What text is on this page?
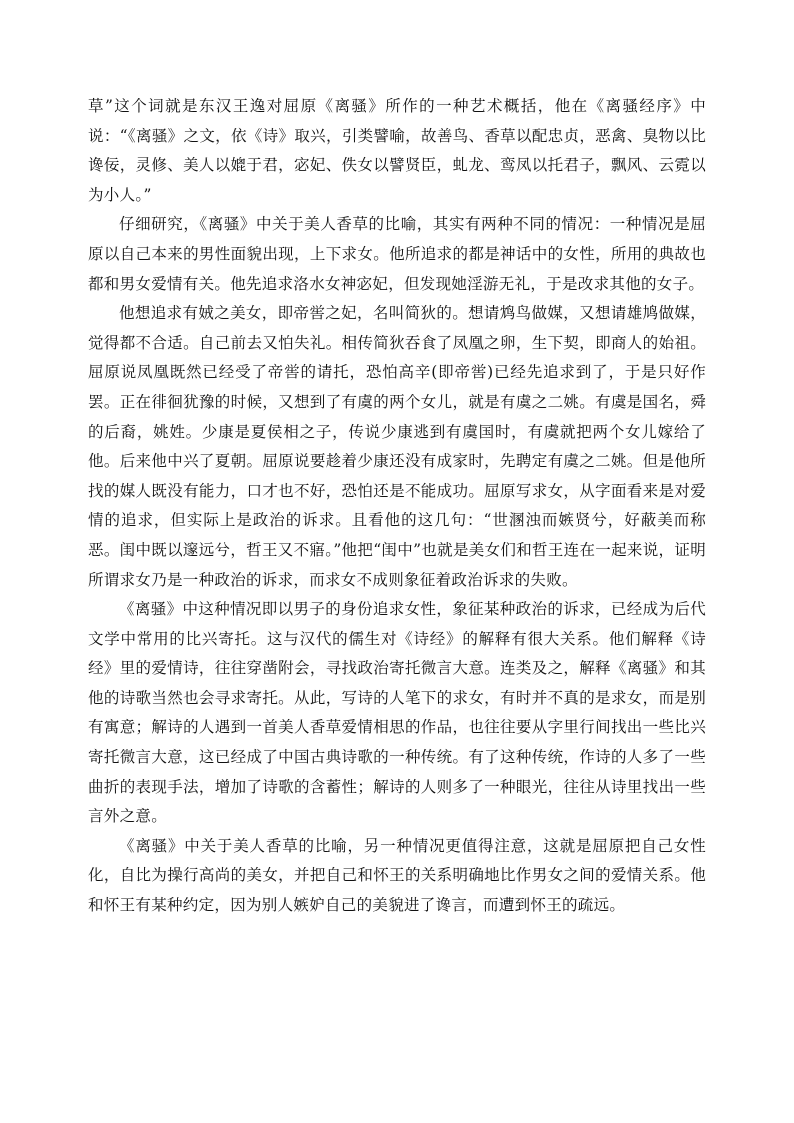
草”这个词就是东汉王逸对屈原《离骚》所作的一种艺术概括，他在《离骚经序》中说：“《离骚》之文，依《诗》取兴，引类譬喻，故善鸟、香草以配忠贞，恶禽、臭物以比谗佞，灵修、美人以媲于君，宓妃、佚女以譬贤臣，虬龙、鸾凤以托君子，飘风、云霓以为小人。”

仔细研究，《离骚》中关于美人香草的比喻，其实有两种不同的情况：一种情况是屈原以自己本来的男性面貌出现，上下求女。他所追求的都是神话中的女性，所用的典故也都和男女爱情有关。他先追求洛水女神宓妃，但发现她淫游无礼，于是改求其他的女子。

他想追求有娀之美女，即帝喾之妃，名叫简狄的。想请鸩鸟做媒，又想请雄鸠做媒，觉得都不合适。自己前去又怕失礼。相传简狄吞食了凤凰之卵，生下契，即商人的始祖。屈原说凤凰既然已经受了帝喾的请托，恐怕高辛(即帝喾)已经先追求到了，于是只好作罢。正在徘徊犹豫的时候，又想到了有虞的两个女儿，就是有虞之二姚。有虞是国名，舜的后裔，姚姓。少康是夏侯相之子，传说少康逃到有虞国时，有虞就把两个女儿嫁给了他。后来他中兴了夏朝。屈原说要趁着少康还没有成家时，先聘定有虞之二姚。但是他所找的媒人既没有能力，口才也不好，恐怕还是不能成功。屈原写求女，从字面看来是对爱情的追求，但实际上是政治的诉求。且看他的这几句：“世溷浊而嫉贤兮，好蔽美而称恶。闺中既以邃远兮，哲王又不寤。”他把“闺中”也就是美女们和哲王连在一起来说，证明所谓求女乃是一种政治的诉求，而求女不成则象征着政治诉求的失败。

《离骚》中这种情况即以男子的身份追求女性，象征某种政治的诉求，已经成为后代文学中常用的比兴寄托。这与汉代的儒生对《诗经》的解释有很大关系。他们解释《诗经》里的爱情诗，往往穿凿附会，寻找政治寄托微言大意。连类及之，解释《离骚》和其他的诗歌当然也会寻求寄托。从此，写诗的人笔下的求女，有时并不真的是求女，而是别有寓意；解诗的人遇到一首美人香草爱情相思的作品，也往往要从字里行间找出一些比兴寄托微言大意，这已经成了中国古典诗歌的一种传统。有了这种传统，作诗的人多了一些曲折的表现手法，增加了诗歌的含蓄性；解诗的人则多了一种眼光，往往从诗里找出一些言外之意。

《离骚》中关于美人香草的比喻，另一种情况更值得注意，这就是屈原把自己女性化，自比为操行高尚的美女，并把自己和怀王的关系明确地比作男女之间的爱情关系。他和怀王有某种约定，因为别人嫉妒自己的美貌进了谗言，而遭到怀王的疏远。
